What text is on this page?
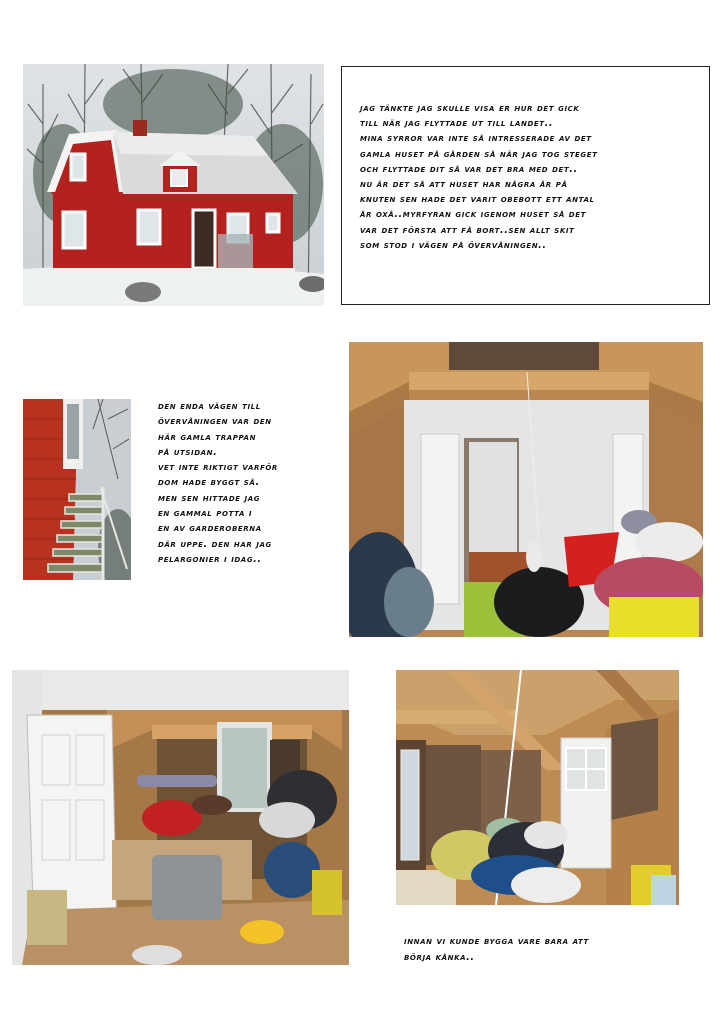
jag tänkte jag skulle visa er hur det gick
till när jag flyttade ut till landet..
mina syrror var inte så intresserade av det
gamla huset på gården så när jag tog steget
och flyttade dit så var det bra med det..
nu är det så att huset har några år på
knuten sen hade det varit obebott ett antal
år oxå..myrfyran gick igenom huset så det
var det första att få bort..sen allt skit
som stod i vägen på övervåningen..

den enda vägen till
övervåningen var den
här gamla trappan
på utsidan.
vet inte riktigt varför
dom hade byggt så.
men sen hittade jag
en gammal potta i
en av garderoberna
där uppe. den har jag
pelargonier i idag..

innan vi kunde bygga vare bara att
börja kånka..
